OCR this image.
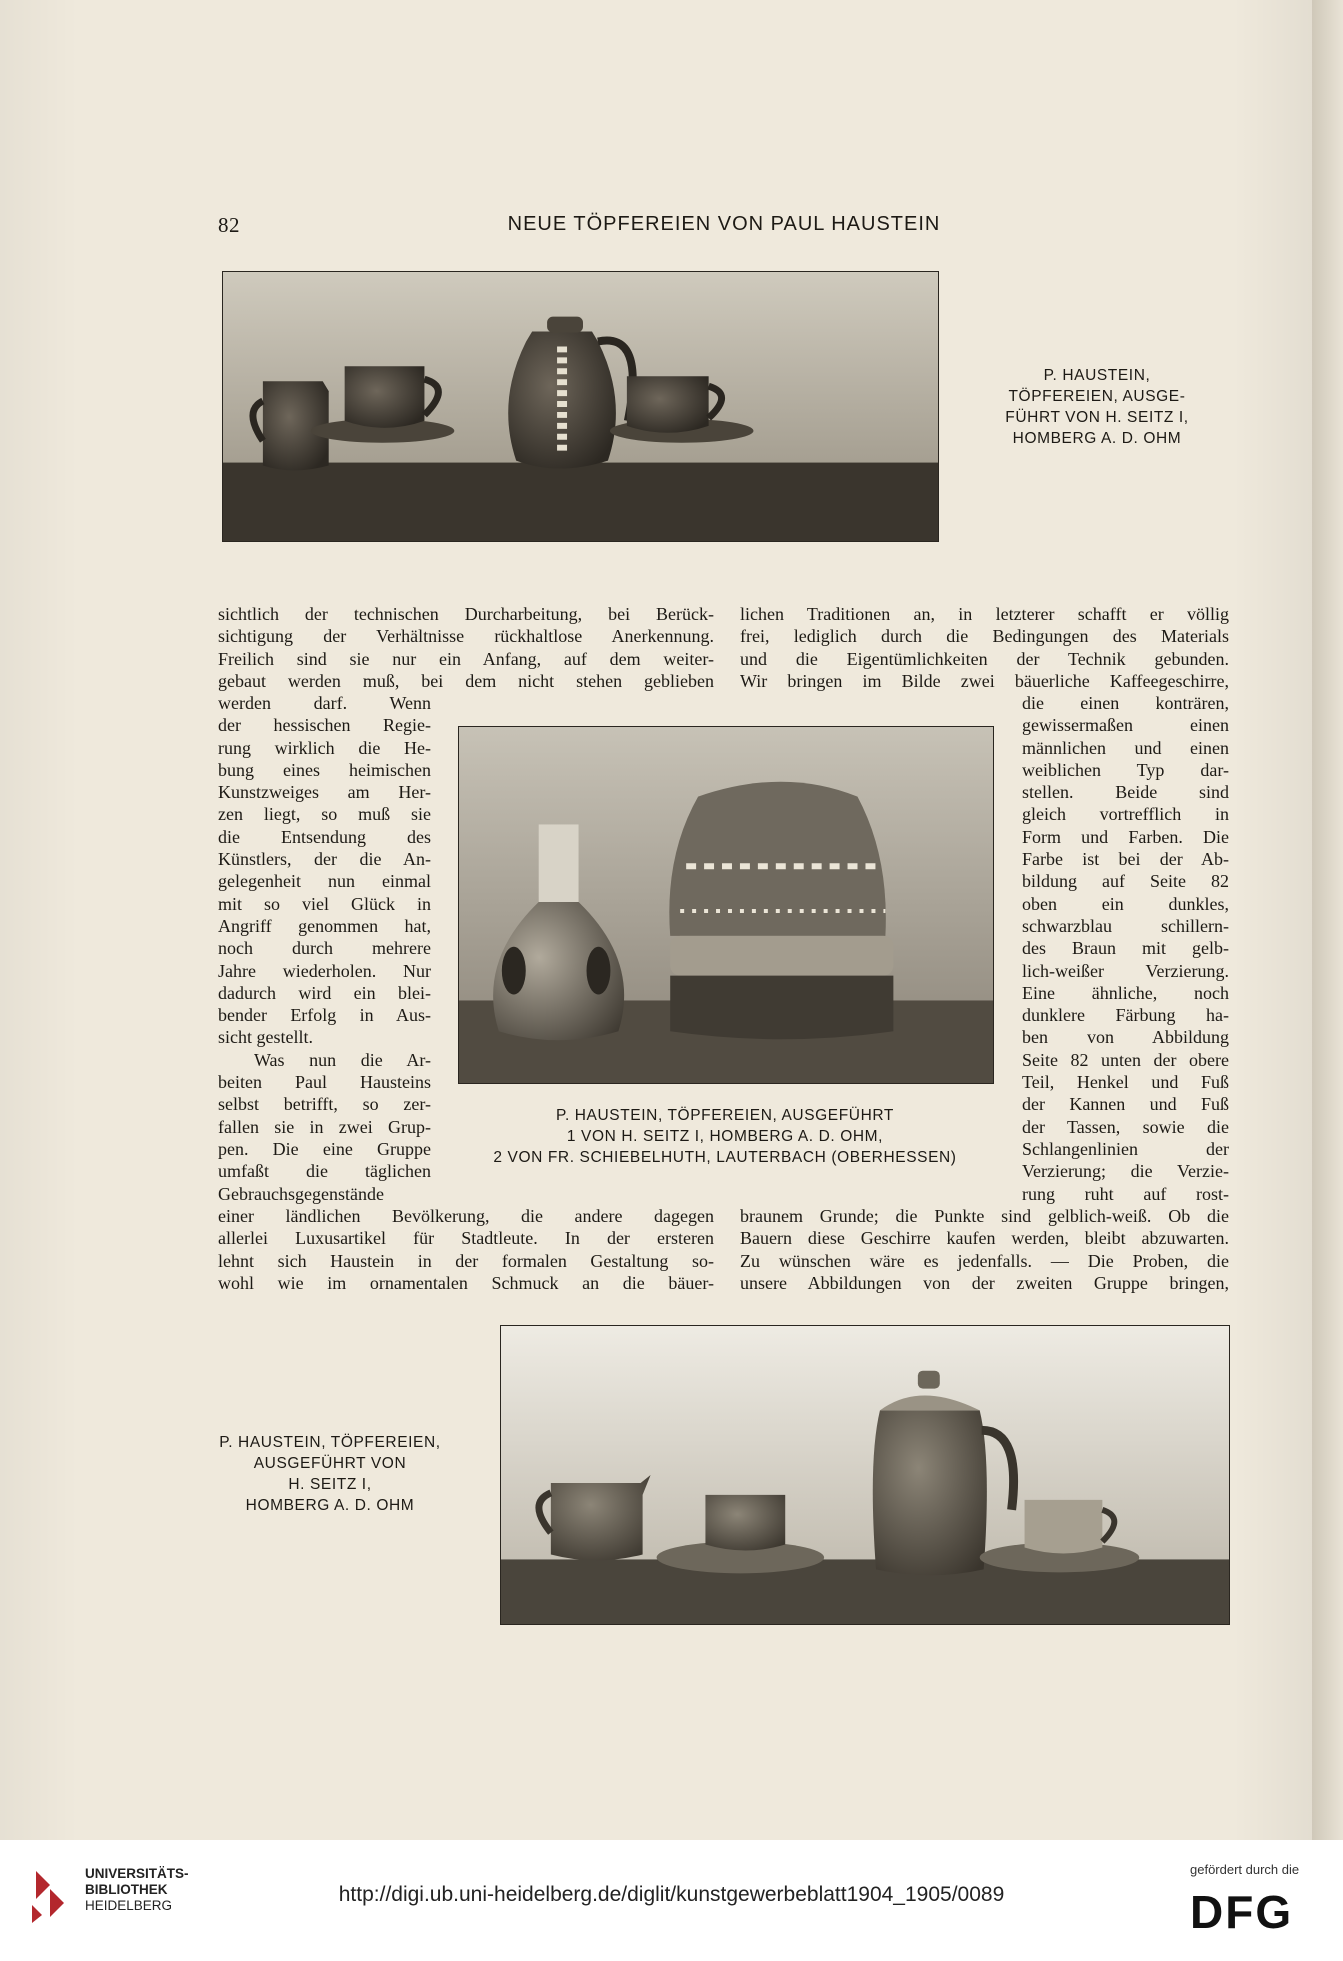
82	NEUE TÖPFEREIEN VON PAUL HAUSTEIN
P. HAUSTEIN,
TÖPFEREIEN, AUSGE-
FÜHRT VON H. SEITZ I,
HOMBERG A. D. OHM
sichtlich der technischen Durcharbeitung, bei Berück-
sichtigung der Verhältnisse rückhaltlose Anerkennung.
Freilich sind sie nur ein Anfang, auf dem weiter-
gebaut werden muß, bei dem nicht stehen geblieben
lichen Traditionen an, in letzterer schafft er völlig
frei, lediglich durch die Bedingungen des Materials
und die Eigentümlichkeiten der Technik gebunden.
Wir bringen im Bilde zwei bäuerliche Kaffeegeschirre,
werden darf. Wenn
der hessischen Regie-
rung wirklich die He-
bung eines heimischen
Kunstzweiges am Her-
zen liegt, so muß sie
die Entsendung des
Künstlers, der die An-
gelegenheit nun einmal
mit so viel Glück in
Angriff genommen hat,
noch durch mehrere
Jahre wiederholen. Nur
dadurch wird ein blei-
bender Erfolg in Aus-
sicht gestellt.
Was nun die Ar-
beiten Paul Hausteins
selbst betrifft, so zer-
fallen sie in zwei Grup-
pen. Die eine Gruppe
umfaßt die täglichen
Gebrauchsgegenstände
die einen konträren,
gewissermaßen einen
männlichen und einen
weiblichen Typ dar-
stellen. Beide sind
gleich vortrefflich in
Form und Farben. Die
Farbe ist bei der Ab-
bildung auf Seite 82
oben ein dunkles,
schwarzblau schillern-
des Braun mit gelb-
lich-weißer Verzierung.
Eine ähnliche, noch
dunklere Färbung ha-
ben von Abbildung
Seite 82 unten der obere
Teil, Henkel und Fuß
der Kannen und Fuß
der Tassen, sowie die
Schlangenlinien der
Verzierung; die Verzie-
rung ruht auf rost-
P. HAUSTEIN, TÖPFEREIEN, AUSGEFÜHRT
1 VON H. SEITZ I, HOMBERG A. D. OHM,
2 VON FR. SCHIEBELHUTH, LAUTERBACH (OBERHESSEN)
einer ländlichen Bevölkerung, die andere dagegen
allerlei Luxusartikel für Stadtleute. In der ersteren
lehnt sich Haustein in der formalen Gestaltung so-
wohl wie im ornamentalen Schmuck an die bäuer-
braunem Grunde; die Punkte sind gelblich-weiß. Ob die
Bauern diese Geschirre kaufen werden, bleibt abzuwarten.
Zu wünschen wäre es jedenfalls. — Die Proben, die
unsere Abbildungen von der zweiten Gruppe bringen,
P. HAUSTEIN, TÖPFEREIEN,
AUSGEFÜHRT VON
H. SEITZ I,
HOMBERG A. D. OHM
UNIVERSITÄTS-
BIBLIOTHEK
HEIDELBERG	http://digi.ub.uni-heidelberg.de/diglit/kunstgewerbeblatt1904_1905/0089
gefördert durch die
DFG
